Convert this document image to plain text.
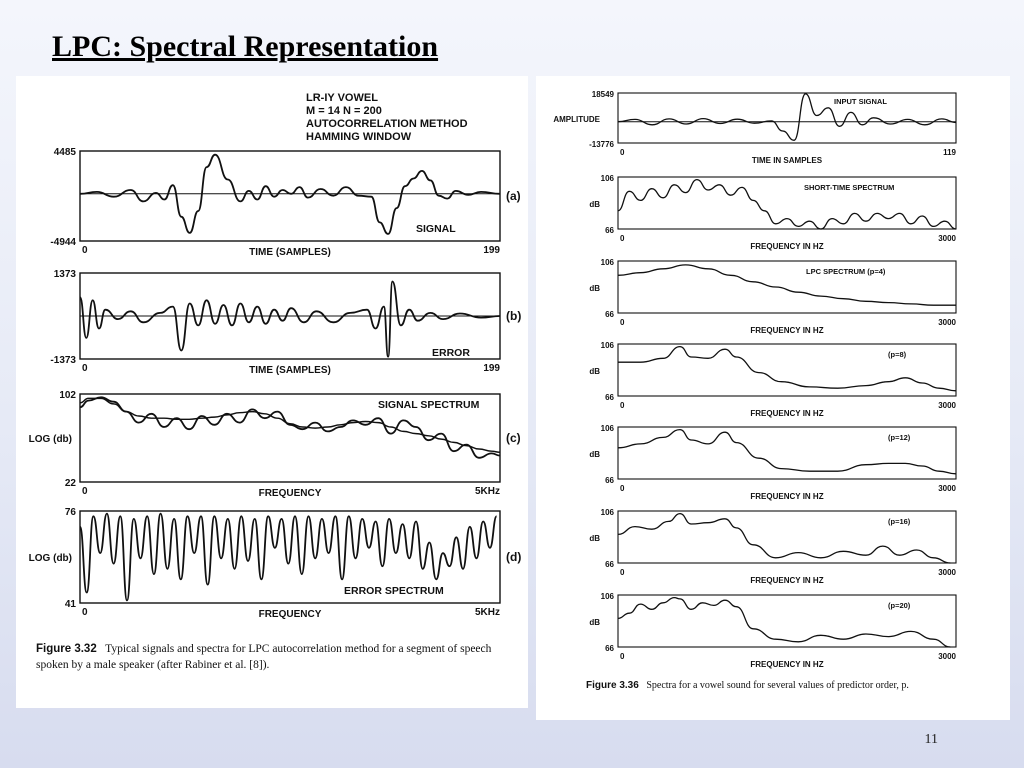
LPC: Spectral Representation
LR-IY VOWEL
M = 14 N = 200
AUTOCORRELATION METHOD
HAMMING WINDOW
4485
-4944
0	199
TIME (SAMPLES)
SIGNAL
(a)
1373
-1373
0	199
TIME (SAMPLES)
ERROR
(b)
102
22
0	5KHz
FREQUENCY
LOG (db)
SIGNAL SPECTRUM
(c)
76
41
0	5KHz
FREQUENCY
LOG (db)
ERROR SPECTRUM
(d)
Figure 3.32 Typical signals and spectra for LPC autocorrelation method for a segment of speech spoken by a male speaker (after Rabiner et al. [8]).
18549
-13776
0	119
TIME IN SAMPLES
AMPLITUDE
INPUT SIGNAL
106
66
0	3000
FREQUENCY IN HZ
dB
SHORT-TIME SPECTRUM
106
66
0	3000
FREQUENCY IN HZ
dB
LPC SPECTRUM (p=4)
106
66
0	3000
FREQUENCY IN HZ
dB
(p=8)
106
66
0	3000
FREQUENCY IN HZ
dB
(p=12)
106
66
0	3000
FREQUENCY IN HZ
dB
(p=16)
106
66
0	3000
FREQUENCY IN HZ
dB
(p=20)
Figure 3.36 Spectra for a vowel sound for several values of predictor order, p.
11
